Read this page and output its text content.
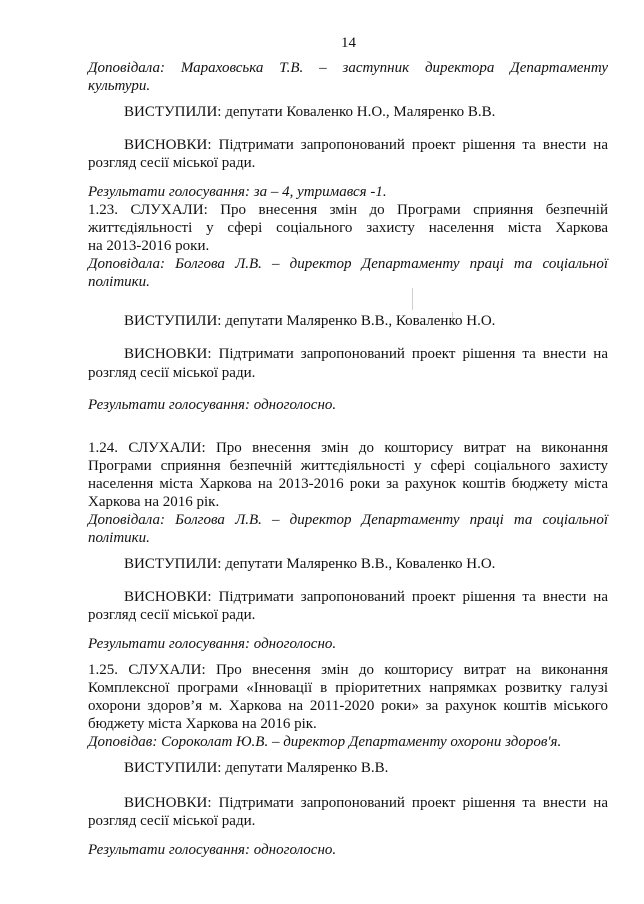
14
Доповідала: Мараховська Т.В. – заступник директора Департаменту
культури.
ВИСТУПИЛИ: депутати Коваленко Н.О., Маляренко В.В.
ВИСНОВКИ: Підтримати запропонований проект рішення та внести на
розгляд сесії міської ради.
Результати голосування: за – 4, утримався -1.
1.23. СЛУХАЛИ: Про внесення змін до Програми сприяння безпечній
життєдіяльності у сфері соціального захисту населення міста Харкова
на 2013-2016 роки.
Доповідала: Болгова Л.В. – директор Департаменту праці та соціальної
політики.
ВИСТУПИЛИ: депутати Маляренко В.В., Коваленко Н.О.
ВИСНОВКИ: Підтримати запропонований проект рішення та внести на
розгляд сесії міської ради.
Результати голосування: одноголосно.
1.24. СЛУХАЛИ: Про внесення змін до кошторису витрат на виконання
Програми сприяння безпечній життєдіяльності у сфері соціального захисту
населення міста Харкова на 2013-2016 роки за рахунок коштів бюджету міста
Харкова на 2016 рік.
Доповідала: Болгова Л.В. – директор Департаменту праці та соціальної
політики.
ВИСТУПИЛИ: депутати Маляренко В.В., Коваленко Н.О.
ВИСНОВКИ: Підтримати запропонований проект рішення та внести на
розгляд сесії міської ради.
Результати голосування: одноголосно.
1.25. СЛУХАЛИ: Про внесення змін до кошторису витрат на виконання
Комплексної програми «Інновації в пріоритетних напрямках розвитку галузі
охорони здоров’я м. Харкова на 2011-2020 роки» за рахунок коштів міського
бюджету міста Харкова на 2016 рік.
Доповідав: Сороколат Ю.В. – директор Департаменту охорони здоров'я.
ВИСТУПИЛИ: депутати Маляренко В.В.
ВИСНОВКИ: Підтримати запропонований проект рішення та внести на
розгляд сесії міської ради.
Результати голосування: одноголосно.
